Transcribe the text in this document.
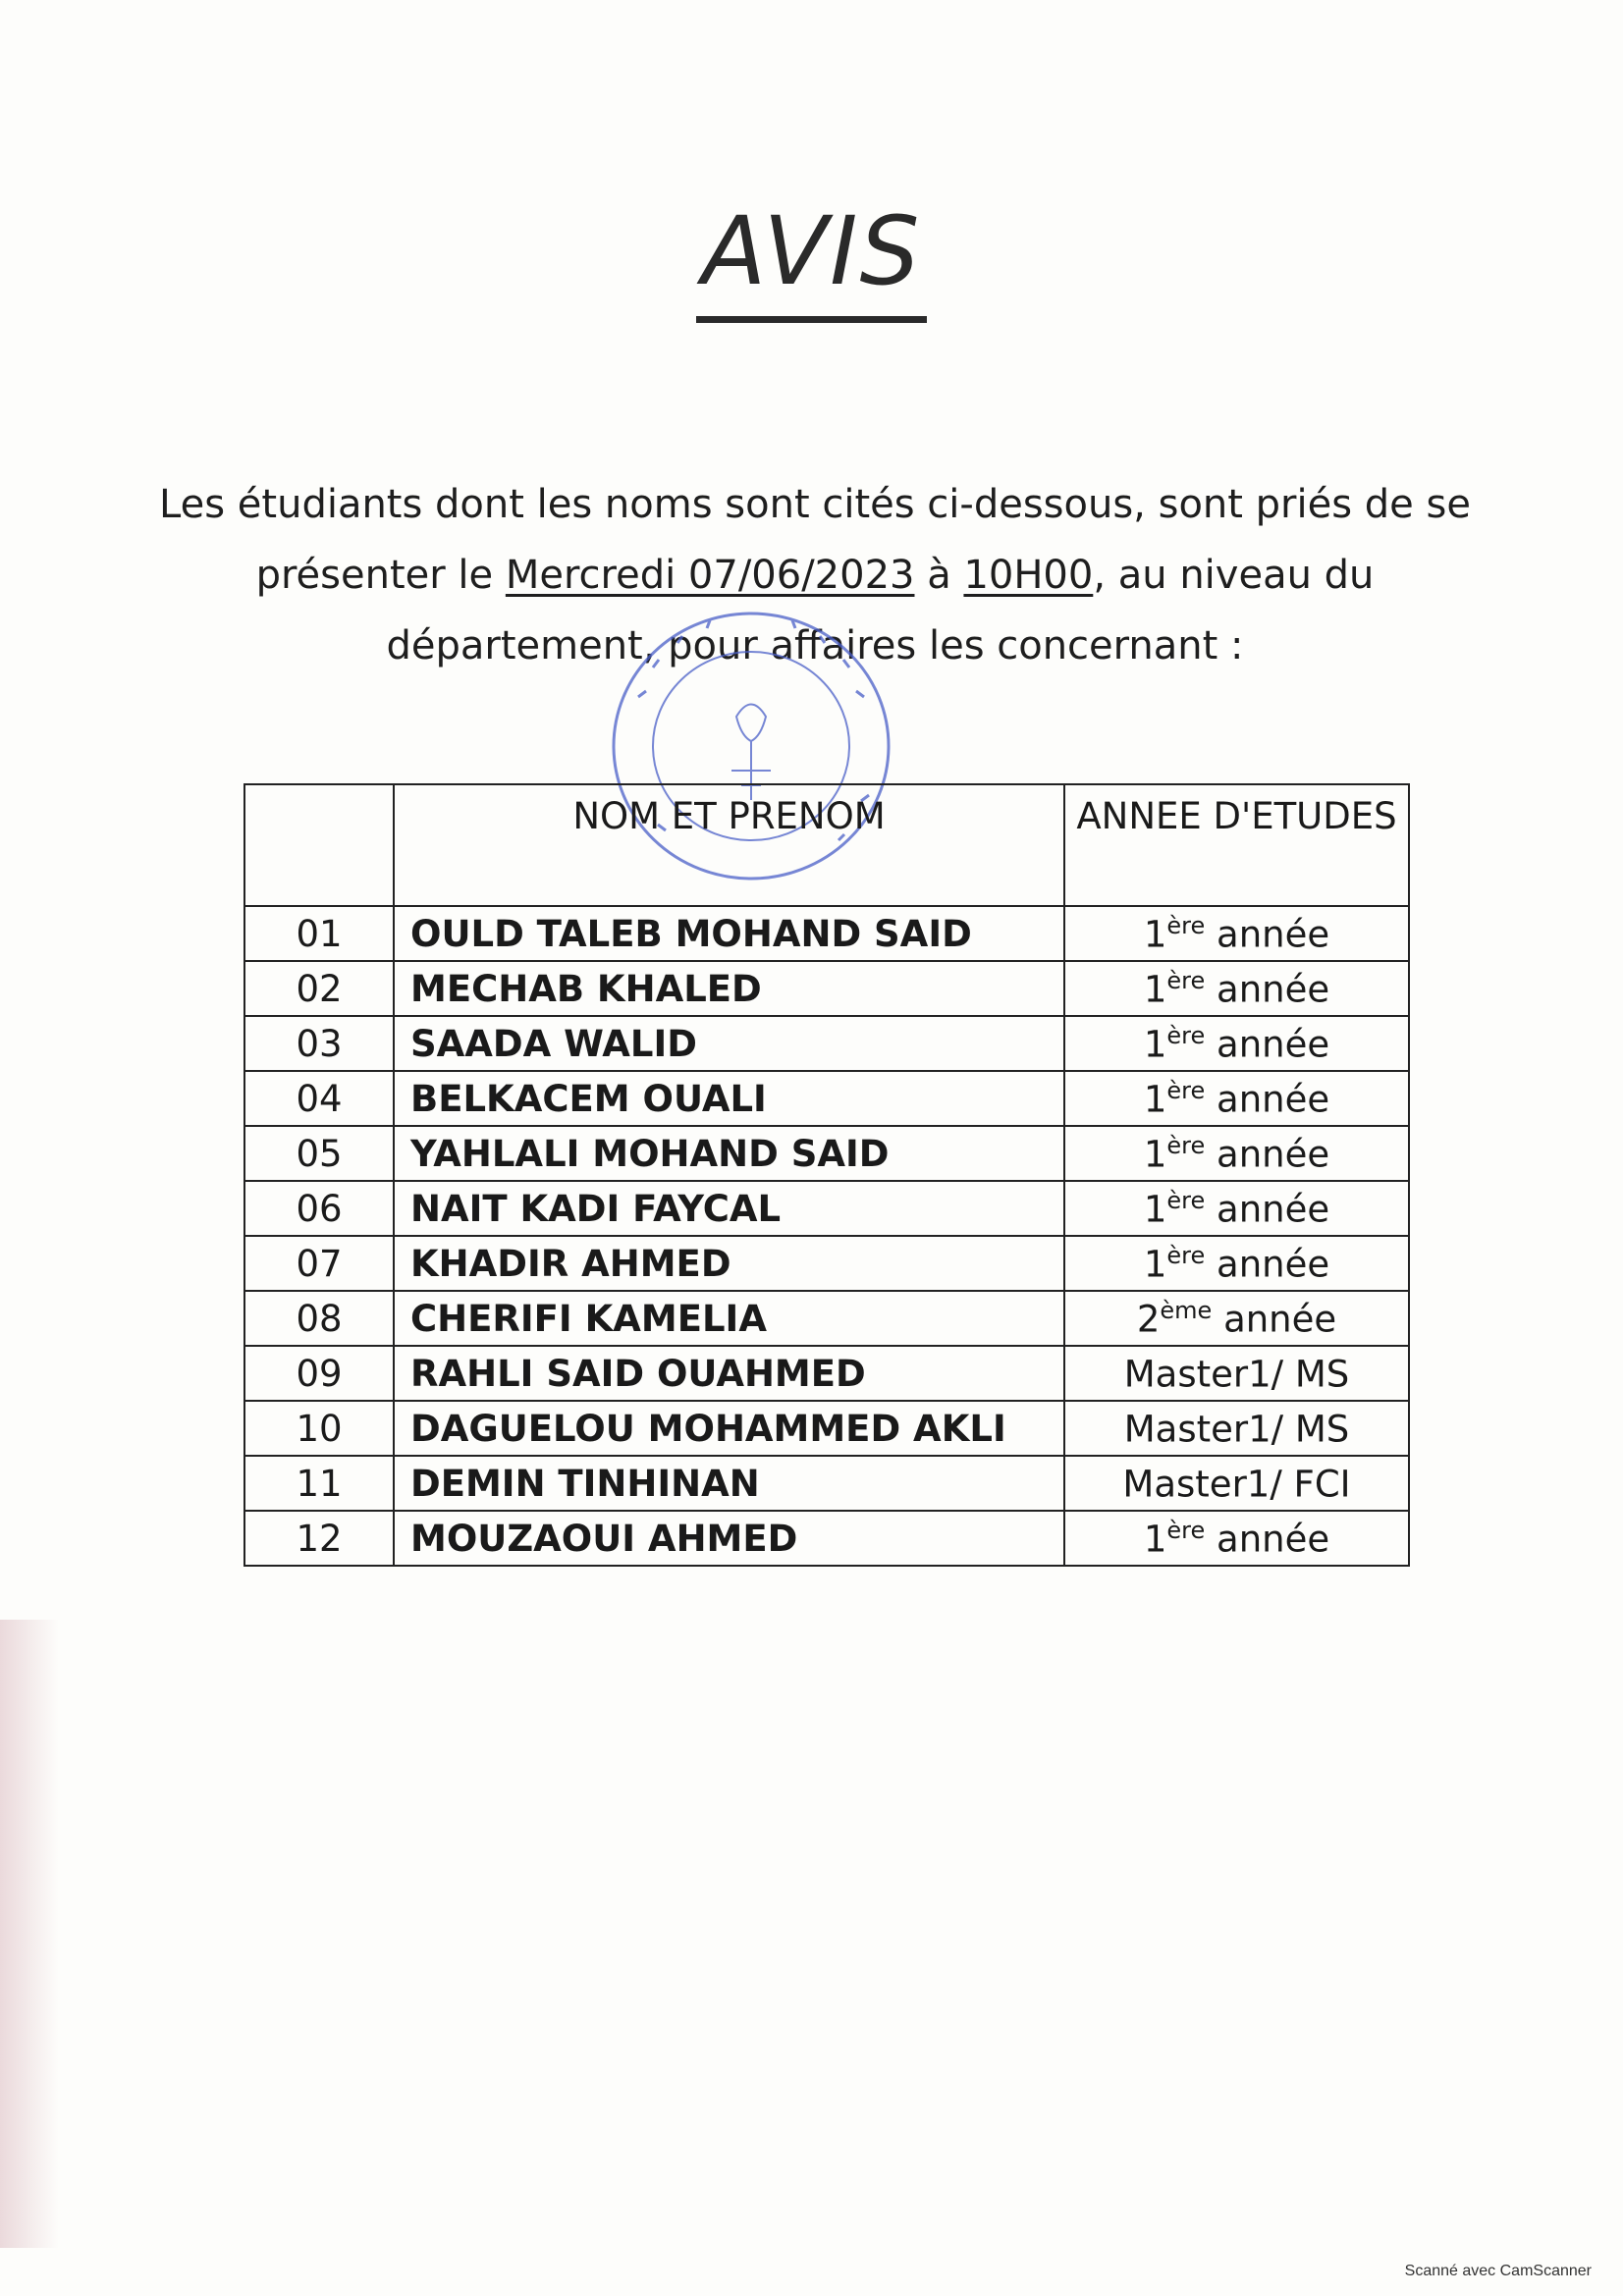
AVIS
Les étudiants dont les noms sont cités ci-dessous, sont priés de se présenter le Mercredi 07/06/2023 à 10H00, au niveau du département, pour affaires les concernant :
	NOM ET PRENOM	ANNEE D'ETUDES
01	OULD TALEB MOHAND SAID	1ère année
02	MECHAB KHALED	1ère année
03	SAADA WALID	1ère année
04	BELKACEM OUALI	1ère année
05	YAHLALI MOHAND SAID	1ère année
06	NAIT KADI FAYCAL	1ère année
07	KHADIR AHMED	1ère année
08	CHERIFI KAMELIA	2ème année
09	RAHLI SAID OUAHMED	Master1/ MS
10	DAGUELOU MOHAMMED AKLI	Master1/ MS
11	DEMIN TINHINAN	Master1/ FCI
12	MOUZAOUI AHMED	1ère année
Scanné avec CamScanner
